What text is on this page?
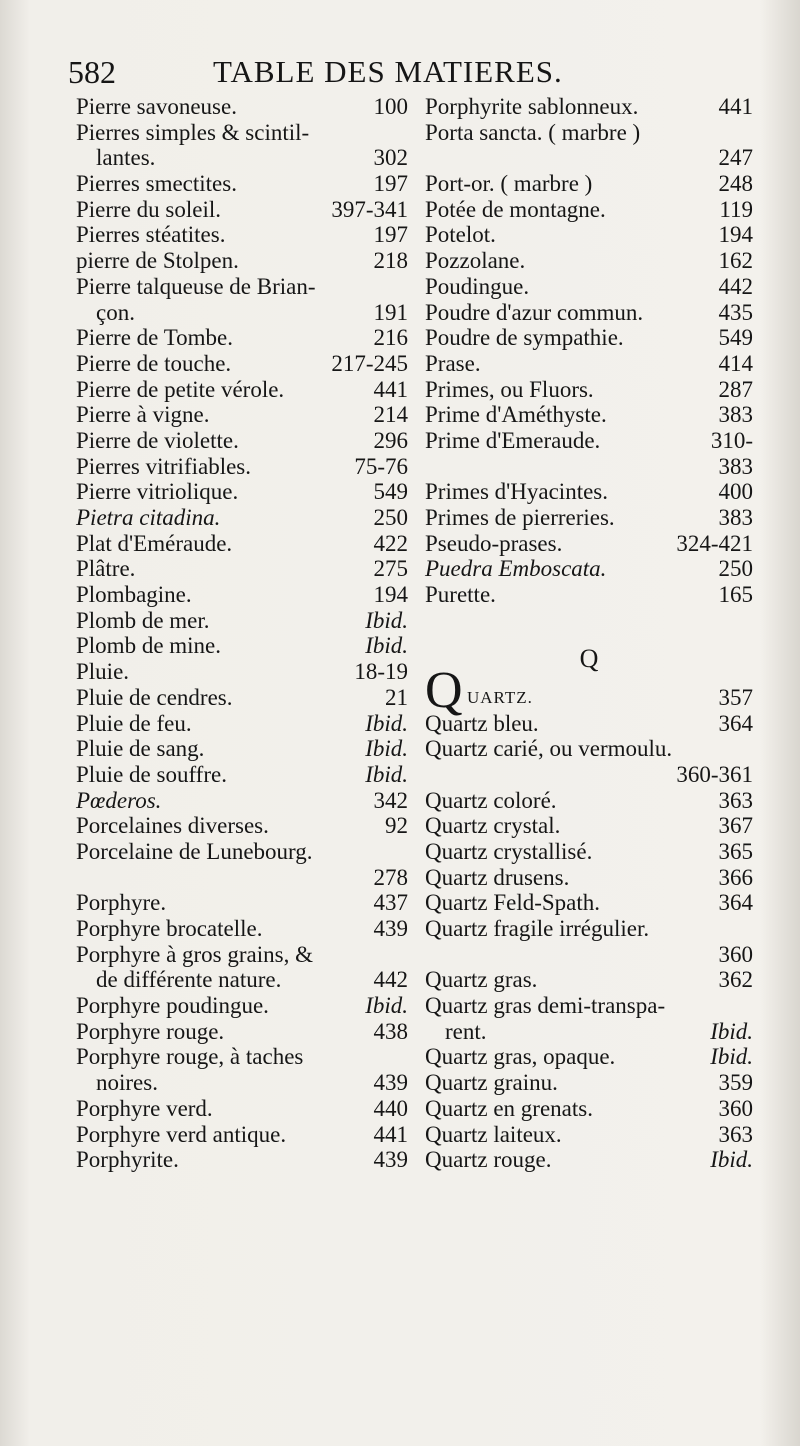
582	TABLE DES MATIERES.
Pierre savoneuse.	100
Pierres simples & scintil-
lantes.	302
Pierres smectites.	197
Pierre du soleil.	397-341
Pierres stéatites.	197
pierre de Stolpen.	218
Pierre talqueuse de Brian-
çon.	191
Pierre de Tombe.	216
Pierre de touche.	217-245
Pierre de petite vérole.	441
Pierre à vigne.	214
Pierre de violette.	296
Pierres vitrifiables.	75-76
Pierre vitriolique.	549
Pietra citadina.	250
Plat d'Eméraude.	422
Plâtre.	275
Plombagine.	194
Plomb de mer.	Ibid.
Plomb de mine.	Ibid.
Pluie.	18-19
Pluie de cendres.	21
Pluie de feu.	Ibid.
Pluie de sang.	Ibid.
Pluie de souffre.	Ibid.
Pœderos.	342
Porcelaines diverses.	92
Porcelaine de Lunebourg.
278
Porphyre.	437
Porphyre brocatelle.	439
Porphyre à gros grains, &
de différente nature.	442
Porphyre poudingue.	Ibid.
Porphyre rouge.	438
Porphyre rouge, à taches
noires.	439
Porphyre verd.	440
Porphyre verd antique.	441
Porphyrite.	439
Porphyrite sablonneux.	441
Porta sancta. ( marbre )
247
Port-or. ( marbre )	248
Potée de montagne.	119
Potelot.	194
Pozzolane.	162
Poudingue.	442
Poudre d'azur commun.	435
Poudre de sympathie.	549
Prase.	414
Primes, ou Fluors.	287
Prime d'Améthyste.	383
Prime d'Emeraude.	310-
383
Primes d'Hyacintes.	400
Primes de pierreries.	383
Pseudo-prases.	324-421
Puedra Emboscata.	250
Purette.	165
Q
Q UARTZ.	357
Quartz bleu.	364
Quartz carié, ou vermoulu.
360-361
Quartz coloré.	363
Quartz crystal.	367
Quartz crystallisé.	365
Quartz drusens.	366
Quartz Feld-Spath.	364
Quartz fragile irrégulier.
360
Quartz gras.	362
Quartz gras demi-transpa-
rent.	Ibid.
Quartz gras, opaque.	Ibid.
Quartz grainu.	359
Quartz en grenats.	360
Quartz laiteux.	363
Quartz rouge.	Ibid.
